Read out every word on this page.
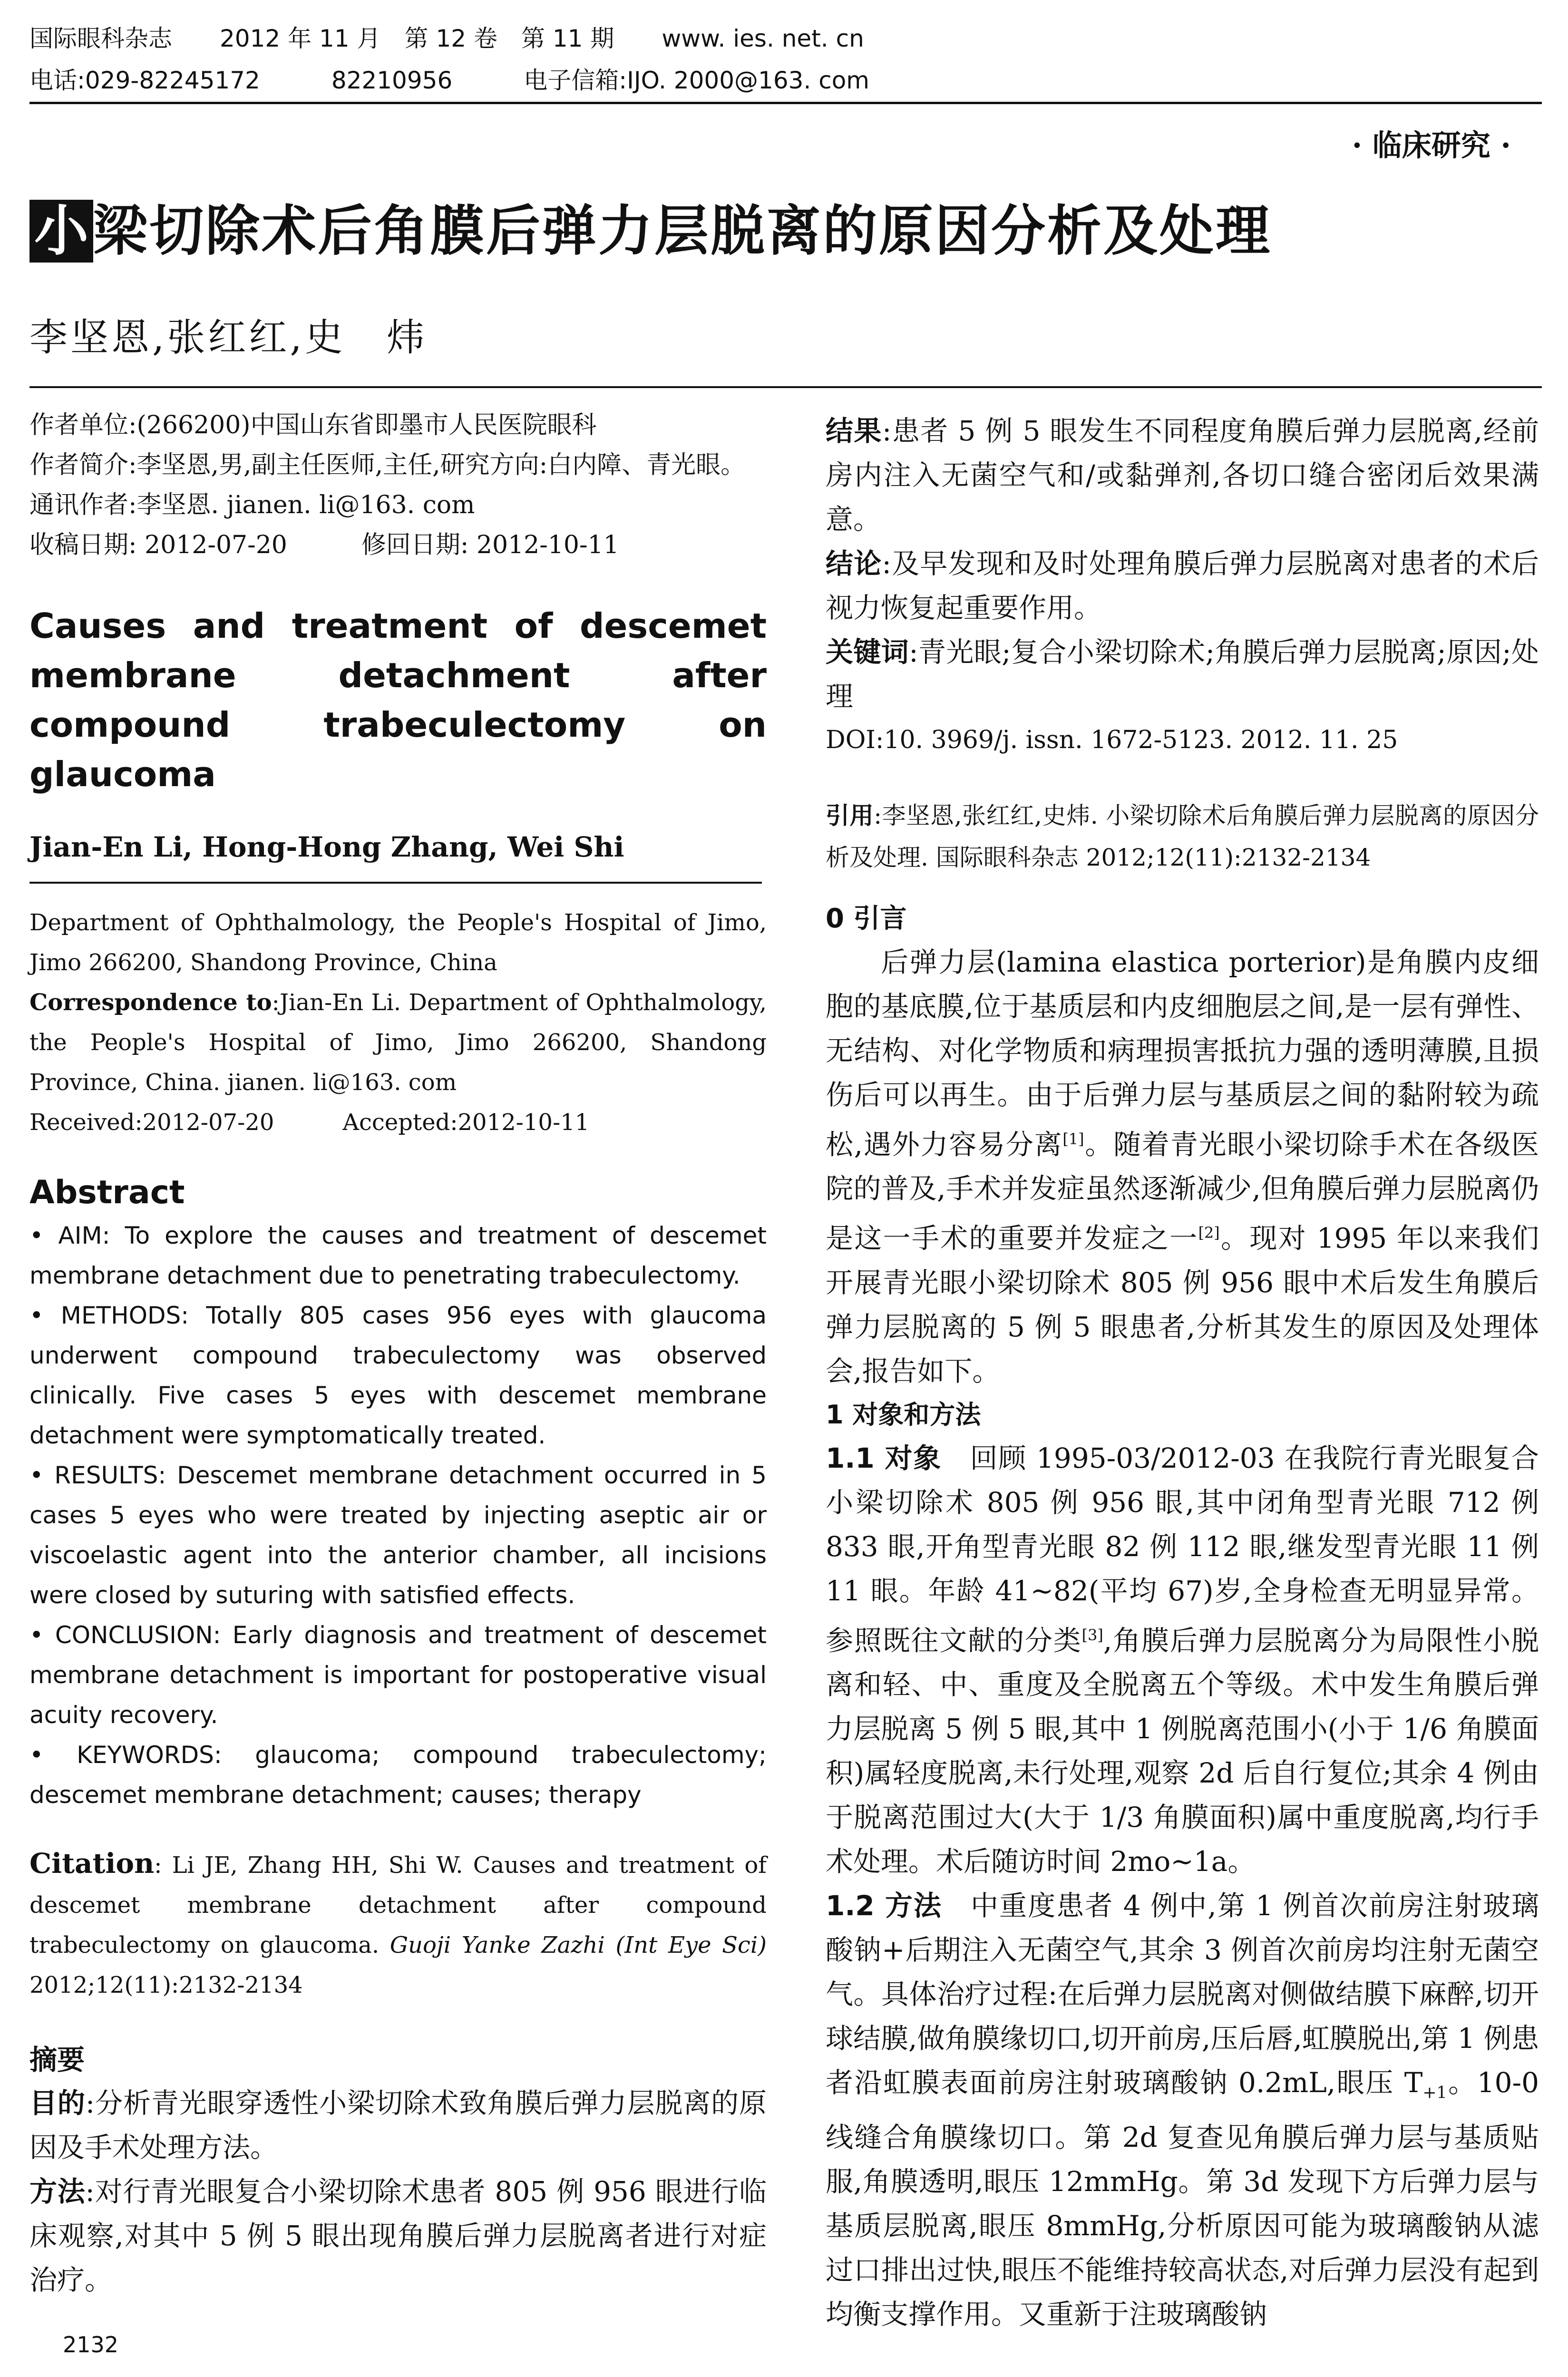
国际眼科杂志　　2012 年 11 月　第 12 卷　第 11 期　　www. ies. net. cn
电话:029-82245172　　　82210956　　　电子信箱:IJO. 2000@163. com
· 临床研究 ·
小梁切除术后角膜后弹力层脱离的原因分析及处理
李坚恩,张红红,史　炜

作者单位:(266200)中国山东省即墨市人民医院眼科

作者简介:李坚恩,男,副主任医师,主任,研究方向:白内障、青光眼。

通讯作者:李坚恩. jianen. li@163. com

收稿日期: 2012-07-20　　　修回日期: 2012-10-11

Causes and treatment of descemet membrane detachment after compound trabeculectomy on glaucoma

Jian-En Li, Hong-Hong Zhang, Wei Shi

Department of Ophthalmology, the People's Hospital of Jimo, Jimo 266200, Shandong Province, China

Correspondence to:Jian-En Li. Department of Ophthalmology, the People's Hospital of Jimo, Jimo 266200, Shandong Province, China. jianen. li@163. com

Received:2012-07-20　　　Accepted:2012-10-11

Abstract

• AIM: To explore the causes and treatment of descemet membrane detachment due to penetrating trabeculectomy.

• METHODS: Totally 805 cases 956 eyes with glaucoma underwent compound trabeculectomy was observed clinically. Five cases 5 eyes with descemet membrane detachment were symptomatically treated.

• RESULTS: Descemet membrane detachment occurred in 5 cases 5 eyes who were treated by injecting aseptic air or viscoelastic agent into the anterior chamber, all incisions were closed by suturing with satisfied effects.

• CONCLUSION: Early diagnosis and treatment of descemet membrane detachment is important for postoperative visual acuity recovery.

• KEYWORDS: glaucoma; compound trabeculectomy; descemet membrane detachment; causes; therapy

Citation: Li JE, Zhang HH, Shi W. Causes and treatment of descemet membrane detachment after compound trabeculectomy on glaucoma. Guoji Yanke Zazhi (Int Eye Sci) 2012;12(11):2132-2134

摘要

目的:分析青光眼穿透性小梁切除术致角膜后弹力层脱离的原因及手术处理方法。

方法:对行青光眼复合小梁切除术患者 805 例 956 眼进行临床观察,对其中 5 例 5 眼出现角膜后弹力层脱离者进行对症治疗。

结果:患者 5 例 5 眼发生不同程度角膜后弹力层脱离,经前房内注入无菌空气和/或黏弹剂,各切口缝合密闭后效果满意。

结论:及早发现和及时处理角膜后弹力层脱离对患者的术后视力恢复起重要作用。

关键词:青光眼;复合小梁切除术;角膜后弹力层脱离;原因;处理

DOI:10. 3969/j. issn. 1672-5123. 2012. 11. 25

引用:李坚恩,张红红,史炜. 小梁切除术后角膜后弹力层脱离的原因分析及处理. 国际眼科杂志 2012;12(11):2132-2134

0 引言

后弹力层(lamina elastica porterior)是角膜内皮细胞的基底膜,位于基质层和内皮细胞层之间,是一层有弹性、无结构、对化学物质和病理损害抵抗力强的透明薄膜,且损伤后可以再生。由于后弹力层与基质层之间的黏附较为疏松,遇外力容易分离[1]。随着青光眼小梁切除手术在各级医院的普及,手术并发症虽然逐渐减少,但角膜后弹力层脱离仍是这一手术的重要并发症之一[2]。现对 1995 年以来我们开展青光眼小梁切除术 805 例 956 眼中术后发生角膜后弹力层脱离的 5 例 5 眼患者,分析其发生的原因及处理体会,报告如下。

1 对象和方法

1.1 对象　回顾 1995-03/2012-03 在我院行青光眼复合小梁切除术 805 例 956 眼,其中闭角型青光眼 712 例 833 眼,开角型青光眼 82 例 112 眼,继发型青光眼 11 例 11 眼。年龄 41~82(平均 67)岁,全身检查无明显异常。参照既往文献的分类[3],角膜后弹力层脱离分为局限性小脱离和轻、中、重度及全脱离五个等级。术中发生角膜后弹力层脱离 5 例 5 眼,其中 1 例脱离范围小(小于 1/6 角膜面积)属轻度脱离,未行处理,观察 2d 后自行复位;其余 4 例由于脱离范围过大(大于 1/3 角膜面积)属中重度脱离,均行手术处理。术后随访时间 2mo~1a。

1.2 方法　中重度患者 4 例中,第 1 例首次前房注射玻璃酸钠+后期注入无菌空气,其余 3 例首次前房均注射无菌空气。具体治疗过程:在后弹力层脱离对侧做结膜下麻醉,切开球结膜,做角膜缘切口,切开前房,压后唇,虹膜脱出,第 1 例患者沿虹膜表面前房注射玻璃酸钠 0.2mL,眼压 $T_{+1}$。10-0 线缝合角膜缘切口。第 2d 复查见角膜后弹力层与基质贴服,角膜透明,眼压 12mmHg。第 3d 发现下方后弹力层与基质层脱离,眼压 8mmHg,分析原因可能为玻璃酸钠从滤过口排出过快,眼压不能维持较高状态,对后弹力层没有起到均衡支撑作用。又重新于注玻璃酸钠

2132
